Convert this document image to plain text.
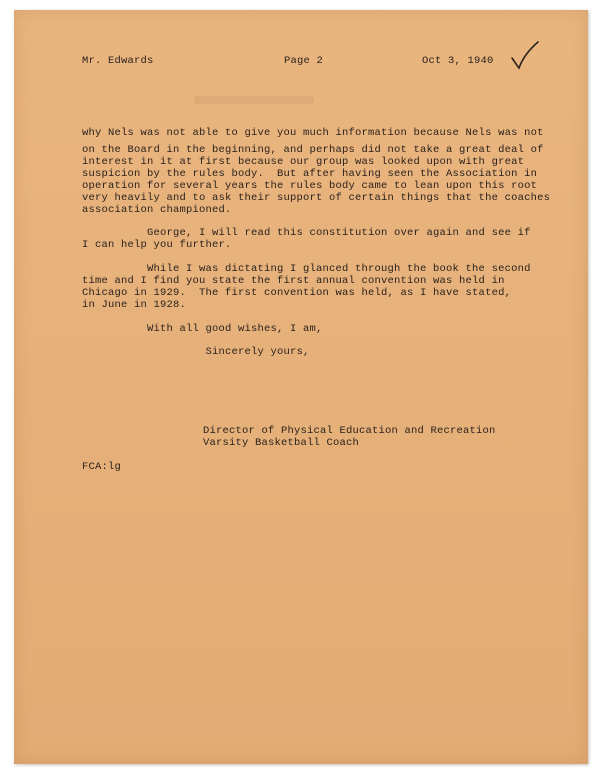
Mr. Edwards	Page 2	Oct 3, 1940
why Nels was not able to give you much information because Nels was not
on the Board in the beginning, and perhaps did not take a great deal of
interest in it at first because our group was looked upon with great
suspicion by the rules body.  But after having seen the Association in
operation for several years the rules body came to lean upon this root
very heavily and to ask their support of certain things that the coaches
association championed.
George, I will read this constitution over again and see if
I can help you further.
While I was dictating I glanced through the book the second
time and I find you state the first annual convention was held in
Chicago in 1929.  The first convention was held, as I have stated,
in June in 1928.
With all good wishes, I am,
Sincerely yours,
Director of Physical Education and Recreation
Varsity Basketball Coach
FCA:lg
